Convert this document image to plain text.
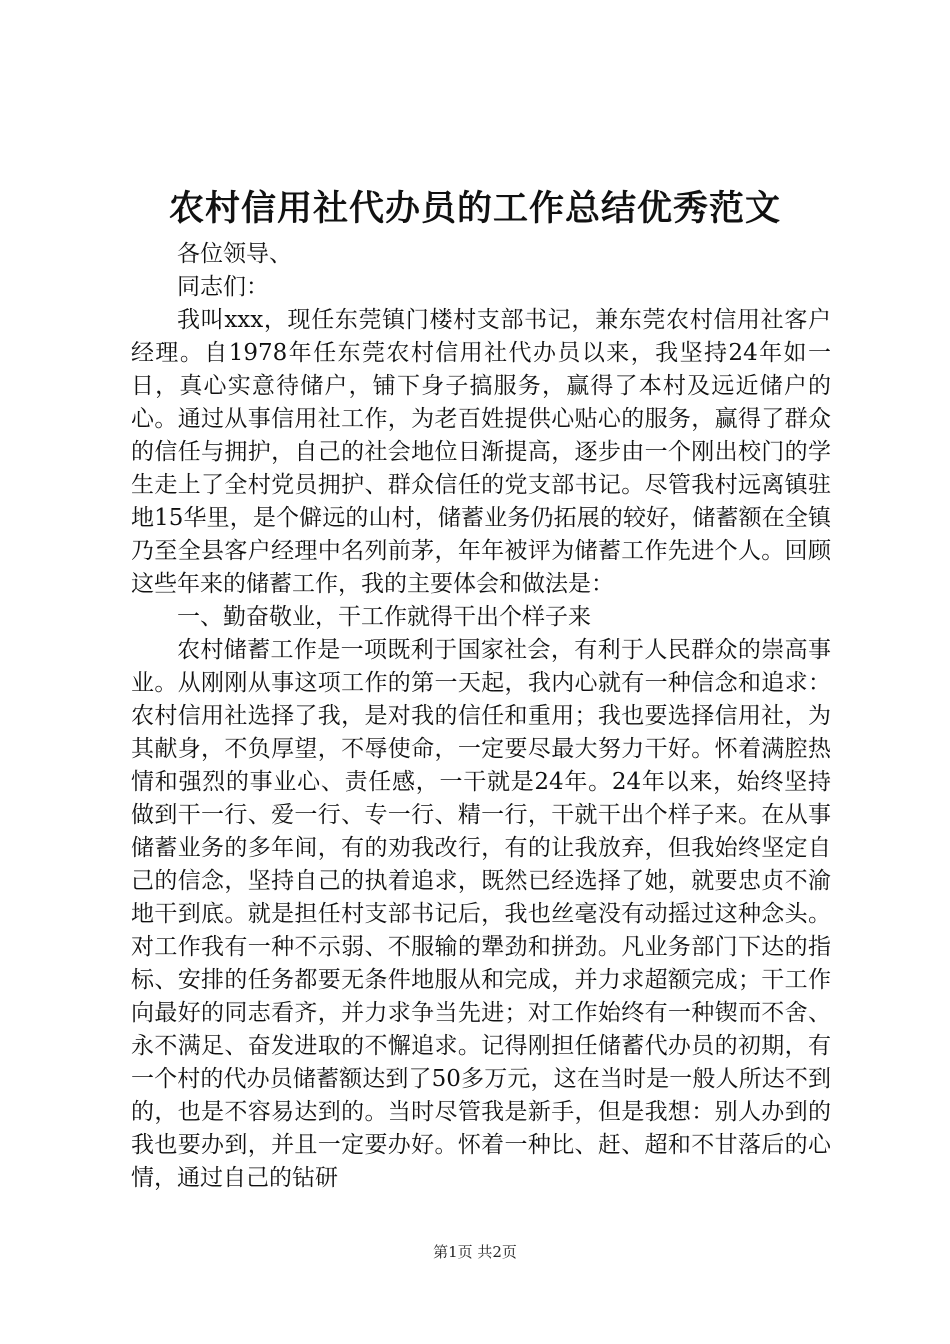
农村信用社代办员的工作总结优秀范文

各位领导、

同志们：

我叫xxx，现任东莞镇门楼村支部书记，兼东莞农村信用社客户经理。自1978年任东莞农村信用社代办员以来，我坚持24年如一日，真心实意待储户，铺下身子搞服务，赢得了本村及远近储户的心。通过从事信用社工作，为老百姓提供心贴心的服务，赢得了群众的信任与拥护，自己的社会地位日渐提高，逐步由一个刚出校门的学生走上了全村党员拥护、群众信任的党支部书记。尽管我村远离镇驻地15华里，是个僻远的山村，储蓄业务仍拓展的较好，储蓄额在全镇乃至全县客户经理中名列前茅，年年被评为储蓄工作先进个人。回顾这些年来的储蓄工作，我的主要体会和做法是：

一、勤奋敬业，干工作就得干出个样子来

农村储蓄工作是一项既利于国家社会，有利于人民群众的崇高事业。从刚刚从事这项工作的第一天起，我内心就有一种信念和追求：农村信用社选择了我，是对我的信任和重用；我也要选择信用社，为其献身，不负厚望，不辱使命，一定要尽最大努力干好。怀着满腔热情和强烈的事业心、责任感，一干就是24年。24年以来，始终坚持做到干一行、爱一行、专一行、精一行，干就干出个样子来。在从事储蓄业务的多年间，有的劝我改行，有的让我放弃，但我始终坚定自己的信念，坚持自己的执着追求，既然已经选择了她，就要忠贞不渝地干到底。就是担任村支部书记后，我也丝毫没有动摇过这种念头。对工作我有一种不示弱、不服输的犟劲和拼劲。凡业务部门下达的指标、安排的任务都要无条件地服从和完成，并力求超额完成；干工作向最好的同志看齐，并力求争当先进；对工作始终有一种锲而不舍、永不满足、奋发进取的不懈追求。记得刚担任储蓄代办员的初期，有一个村的代办员储蓄额达到了50多万元，这在当时是一般人所达不到的，也是不容易达到的。当时尽管我是新手，但是我想：别人办到的我也要办到，并且一定要办好。怀着一种比、赶、超和不甘落后的心情，通过自己的钻研

第1页 共2页
